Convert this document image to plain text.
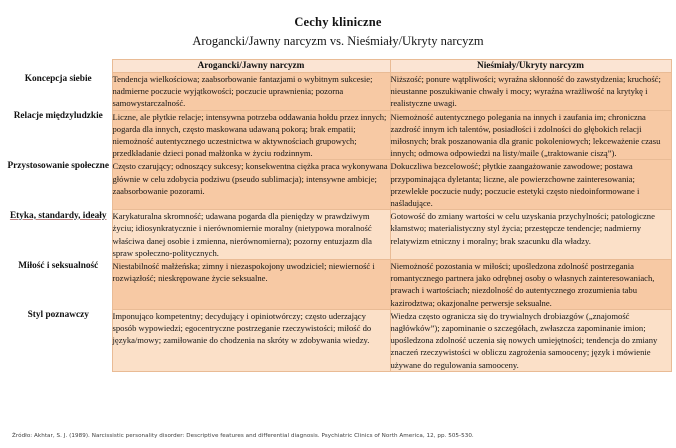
Cechy kliniczne
Arogancki/Jawny narcyzm vs. Nieśmiały/Ukryty narcyzm
	Arogancki/Jawny narcyzm	Nieśmiały/Ukryty narcyzm
Koncepcja siebie	Tendencja wielkościowa; zaabsorbowanie fantazjami o wybitnym sukcesie; nadmierne poczucie wyjątkowości; poczucie uprawnienia; pozorna samowystarczalność.	Niższość; ponure wątpliwości; wyraźna skłonność do zawstydzenia; kruchość; nieustanne poszukiwanie chwały i mocy; wyraźna wrażliwość na krytykę i realistyczne uwagi.
Relacje międzyludzkie	Liczne, ale płytkie relacje; intensywna potrzeba oddawania hołdu przez innych; pogarda dla innych, często maskowana udawaną pokorą; brak empatii; niemożność autentycznego uczestnictwa w aktywnościach grupowych; przedkładanie dzieci ponad małżonka w życiu rodzinnym.	Niemożność autentycznego polegania na innych i zaufania im; chroniczna zazdrość innym ich talentów, posiadłości i zdolności do głębokich relacji miłosnych; brak poszanowania dla granic pokoleniowych; lekceważenie czasu innych; odmowa odpowiedzi na listy/maile („traktowanie ciszą”).
Przystosowanie społeczne	Często czarujący; odnoszący sukcesy; konsekwentna ciężka praca wykonywana głównie w celu zdobycia podziwu (pseudo sublimacja); intensywne ambicje; zaabsorbowanie pozorami.	Dokuczliwa bezcelowość; płytkie zaangażowanie zawodowe; postawa przypominająca dyletanta; liczne, ale powierzchowne zainteresowania; przewlekłe poczucie nudy; poczucie estetyki często niedoinformowane i naśladujące.
Etyka, standardy, ideały	Karykaturalna skromność; udawana pogarda dla pieniędzy w prawdziwym życiu; idiosynkratycznie i nierównomiernie moralny (nietypowa moralność właściwa danej osobie i zmienna, nierównomierna); pozorny entuzjazm dla spraw społeczno-politycznych.	Gotowość do zmiany wartości w celu uzyskania przychylności; patologiczne kłamstwo; materialistyczny styl życia; przestępcze tendencje; nadmierny relatywizm etniczny i moralny; brak szacunku dla władzy.
Miłość i seksualność	Niestabilność małżeńska; zimny i niezaspokojony uwodziciel; niewierność i rozwiązłość; nieskrępowane życie seksualne.	Niemożność pozostania w miłości; upośledzona zdolność postrzegania romantycznego partnera jako odrębnej osoby o własnych zainteresowaniach, prawach i wartościach; niezdolność do autentycznego zrozumienia tabu kazirodztwa; okazjonalne perwersje seksualne.
Styl poznawczy	Imponująco kompetentny; decydujący i opiniotwórczy; często uderzający sposób wypowiedzi; egocentryczne postrzeganie rzeczywistości; miłość do języka/mowy; zamiłowanie do chodzenia na skróty w zdobywania wiedzy.	Wiedza często ogranicza się do trywialnych drobiazgów („znajomość nagłówków”); zapominanie o szczegółach, zwłaszcza zapominanie imion; upośledzona zdolność uczenia się nowych umiejętności; tendencja do zmiany znaczeń rzeczywistości w obliczu zagrożenia samooceny; język i mówienie używane do regulowania samooceny.
Źródło: Akhtar, S. J. (1989). Narcissistic personality disorder: Descriptive features and differential diagnosis. Psychiatric Clinics of North America, 12, pp. 505-530.
